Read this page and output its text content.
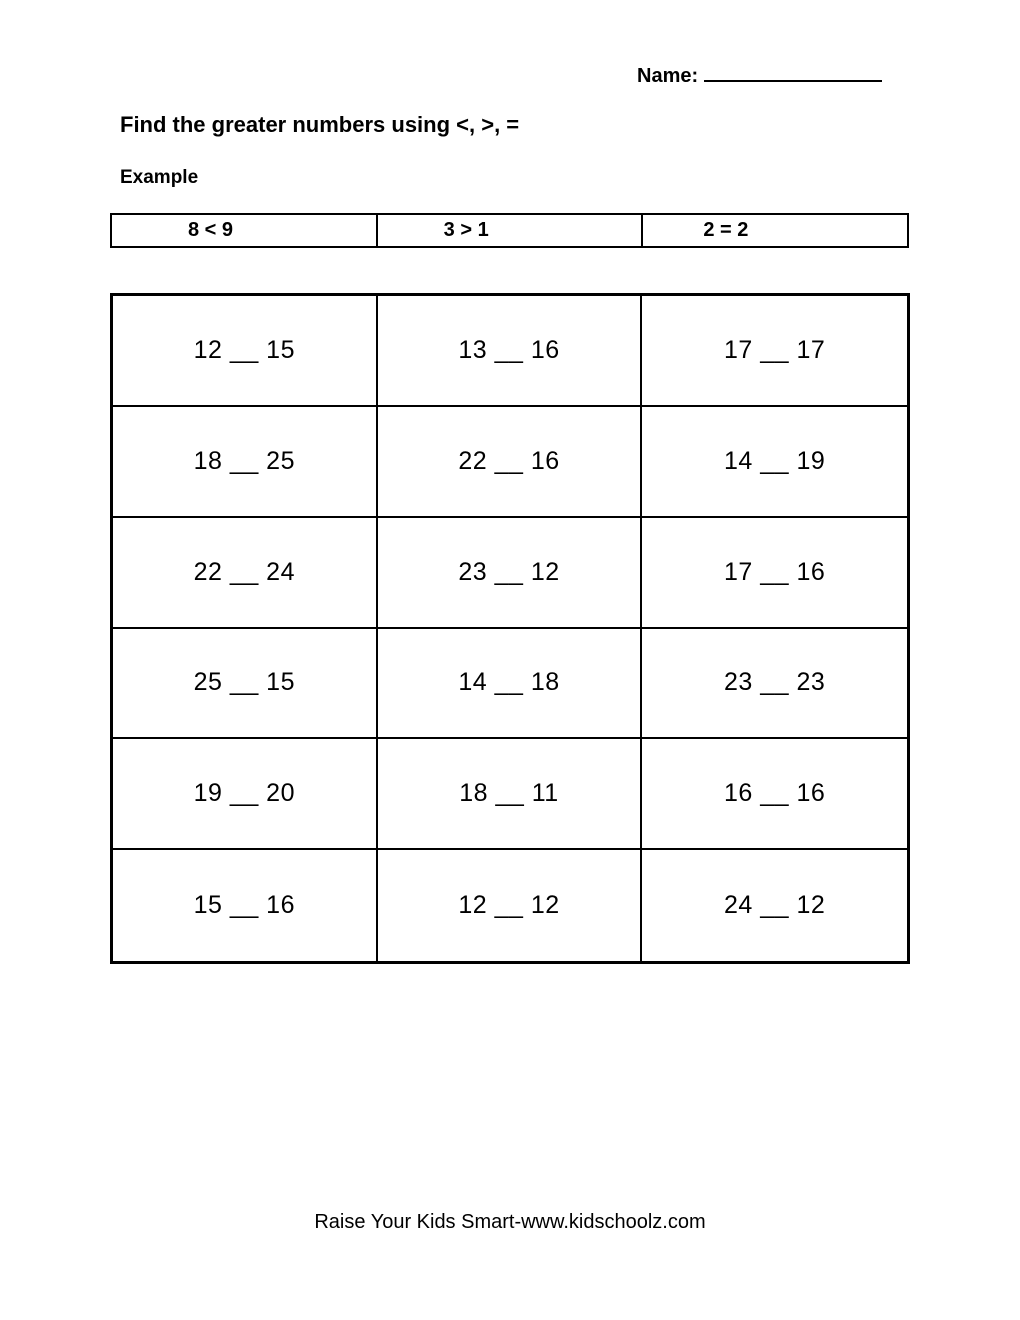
Name:
Find the greater numbers using <, >, =
Example
8 < 9	3 > 1	2 = 2
12 __ 15	13 __ 16	17 __ 17
18 __ 25	22 __ 16	14 __ 19
22 __ 24	23 __ 12	17 __ 16
25 __ 15	14 __ 18	23 __ 23
19 __ 20	18 __ 11	16 __ 16
15 __ 16	12 __ 12	24 __ 12
Raise Your Kids Smart-www.kidschoolz.com
